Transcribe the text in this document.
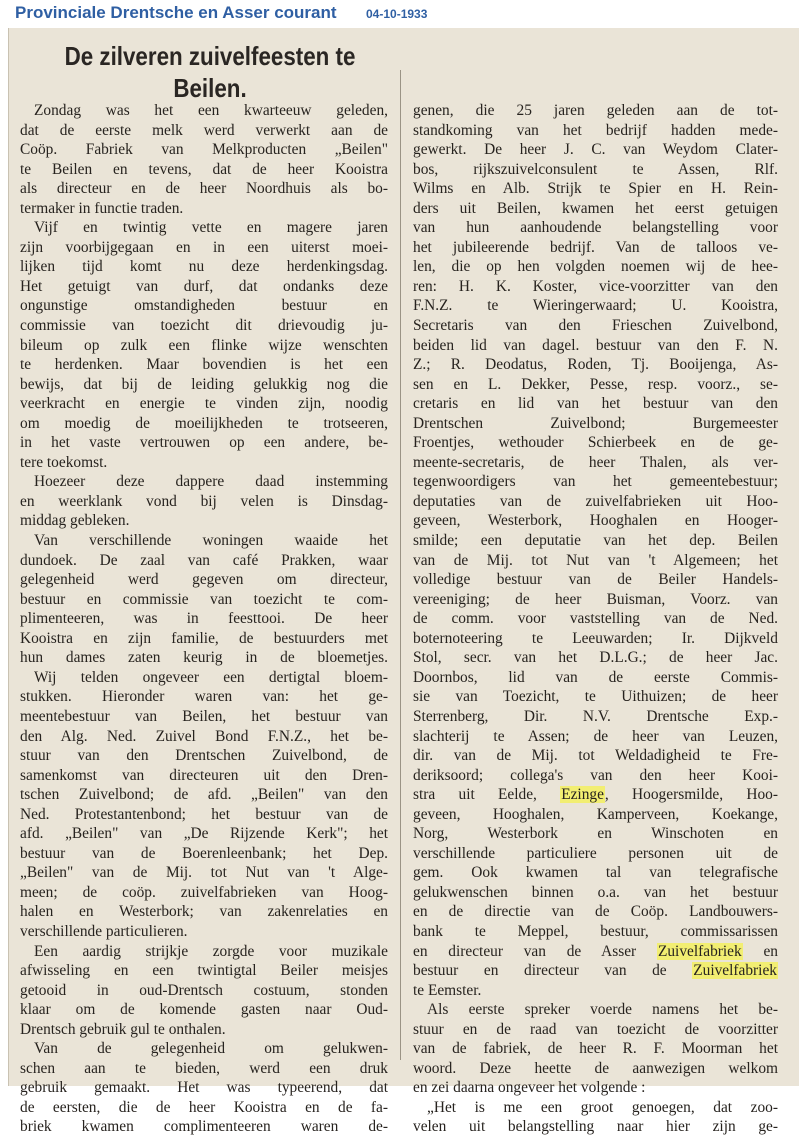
Provinciale Drentsche en Asser courant 04-10-1933
De zilveren zuivelfeesten te
Beilen.
Zondag was het een kwarteeuw geleden,
dat de eerste melk werd verwerkt aan de
Coöp. Fabriek van Melkproducten „Beilen"
te Beilen en tevens, dat de heer Kooistra
als directeur en de heer Noordhuis als bo-
termaker in functie traden.
Vijf en twintig vette en magere jaren
zijn voorbijgegaan en in een uiterst moei-
lijken tijd komt nu deze herdenkingsdag.
Het getuigt van durf, dat ondanks deze
ongunstige omstandigheden bestuur en
commissie van toezicht dit drievoudig ju-
bileum op zulk een flinke wijze wenschten
te herdenken. Maar bovendien is het een
bewijs, dat bij de leiding gelukkig nog die
veerkracht en energie te vinden zijn, noodig
om moedig de moeilijkheden te trotseeren,
in het vaste vertrouwen op een andere, be-
tere toekomst.
Hoezeer deze dappere daad instemming
en weerklank vond bij velen is Dinsdag-
middag gebleken.
Van verschillende woningen waaide het
dundoek. De zaal van café Prakken, waar
gelegenheid werd gegeven om directeur,
bestuur en commissie van toezicht te com-
plimenteeren, was in feesttooi. De heer
Kooistra en zijn familie, de bestuurders met
hun dames zaten keurig in de bloemetjes.
Wij telden ongeveer een dertigtal bloem-
stukken. Hieronder waren van: het ge-
meentebestuur van Beilen, het bestuur van
den Alg. Ned. Zuivel Bond F.N.Z., het be-
stuur van den Drentschen Zuivelbond, de
samenkomst van directeuren uit den Dren-
tschen Zuivelbond; de afd. „Beilen" van den
Ned. Protestantenbond; het bestuur van de
afd. „Beilen" van „De Rijzende Kerk"; het
bestuur van de Boerenleenbank; het Dep.
„Beilen" van de Mij. tot Nut van 't Alge-
meen; de coöp. zuivelfabrieken van Hoog-
halen en Westerbork; van zakenrelaties en
verschillende particulieren.
Een aardig strijkje zorgde voor muzikale
afwisseling en een twintigtal Beiler meisjes
getooid in oud-Drentsch costuum, stonden
klaar om de komende gasten naar Oud-
Drentsch gebruik gul te onthalen.
Van de gelegenheid om gelukwen-
schen aan te bieden, werd een druk
gebruik gemaakt. Het was typeerend, dat
de eersten, die de heer Kooistra en de fa-
briek kwamen complimenteeren waren de-
genen, die 25 jaren geleden aan de tot-
standkoming van het bedrijf hadden mede-
gewerkt. De heer J. C. van Weydom Clater-
bos, rijkszuivelconsulent te Assen, Rlf.
Wilms en Alb. Strijk te Spier en H. Rein-
ders uit Beilen, kwamen het eerst getuigen
van hun aanhoudende belangstelling voor
het jubileerende bedrijf. Van de talloos ve-
len, die op hen volgden noemen wij de hee-
ren: H. K. Koster, vice-voorzitter van den
F.N.Z. te Wieringerwaard; U. Kooistra,
Secretaris van den Frieschen Zuivelbond,
beiden lid van dagel. bestuur van den F. N.
Z.; R. Deodatus, Roden, Tj. Booijenga, As-
sen en L. Dekker, Pesse, resp. voorz., se-
cretaris en lid van het bestuur van den
Drentschen Zuivelbond; Burgemeester
Froentjes, wethouder Schierbeek en de ge-
meente-secretaris, de heer Thalen, als ver-
tegenwoordigers van het gemeentebestuur;
deputaties van de zuivelfabrieken uit Hoo-
geveen, Westerbork, Hooghalen en Hooger-
smilde; een deputatie van het dep. Beilen
van de Mij. tot Nut van 't Algemeen; het
volledige bestuur van de Beiler Handels-
vereeniging; de heer Buisman, Voorz. van
de comm. voor vaststelling van de Ned.
boternoteering te Leeuwarden; Ir. Dijkveld
Stol, secr. van het D.L.G.; de heer Jac.
Doornbos, lid van de eerste Commis-
sie van Toezicht, te Uithuizen; de heer
Sterrenberg, Dir. N.V. Drentsche Exp.-
slachterij te Assen; de heer van Leuzen,
dir. van de Mij. tot Weldadigheid te Fre-
deriksoord; collega's van den heer Kooi-
stra uit Eelde, Ezinge, Hoogersmilde, Hoo-
geveen, Hooghalen, Kamperveen, Koekange,
Norg, Westerbork en Winschoten en
verschillende particuliere personen uit de
gem. Ook kwamen tal van telegrafische
gelukwenschen binnen o.a. van het bestuur
en de directie van de Coöp. Landbouwers-
bank te Meppel, bestuur, commissarissen
en directeur van de Asser Zuivelfabriek en
bestuur en directeur van de Zuivelfabriek
te Eemster.
Als eerste spreker voerde namens het be-
stuur en de raad van toezicht de voorzitter
van de fabriek, de heer R. F. Moorman het
woord. Deze heette de aanwezigen welkom
en zei daarna ongeveer het volgende :
„Het is me een groot genoegen, dat zoo-
velen uit belangstelling naar hier zijn ge-
